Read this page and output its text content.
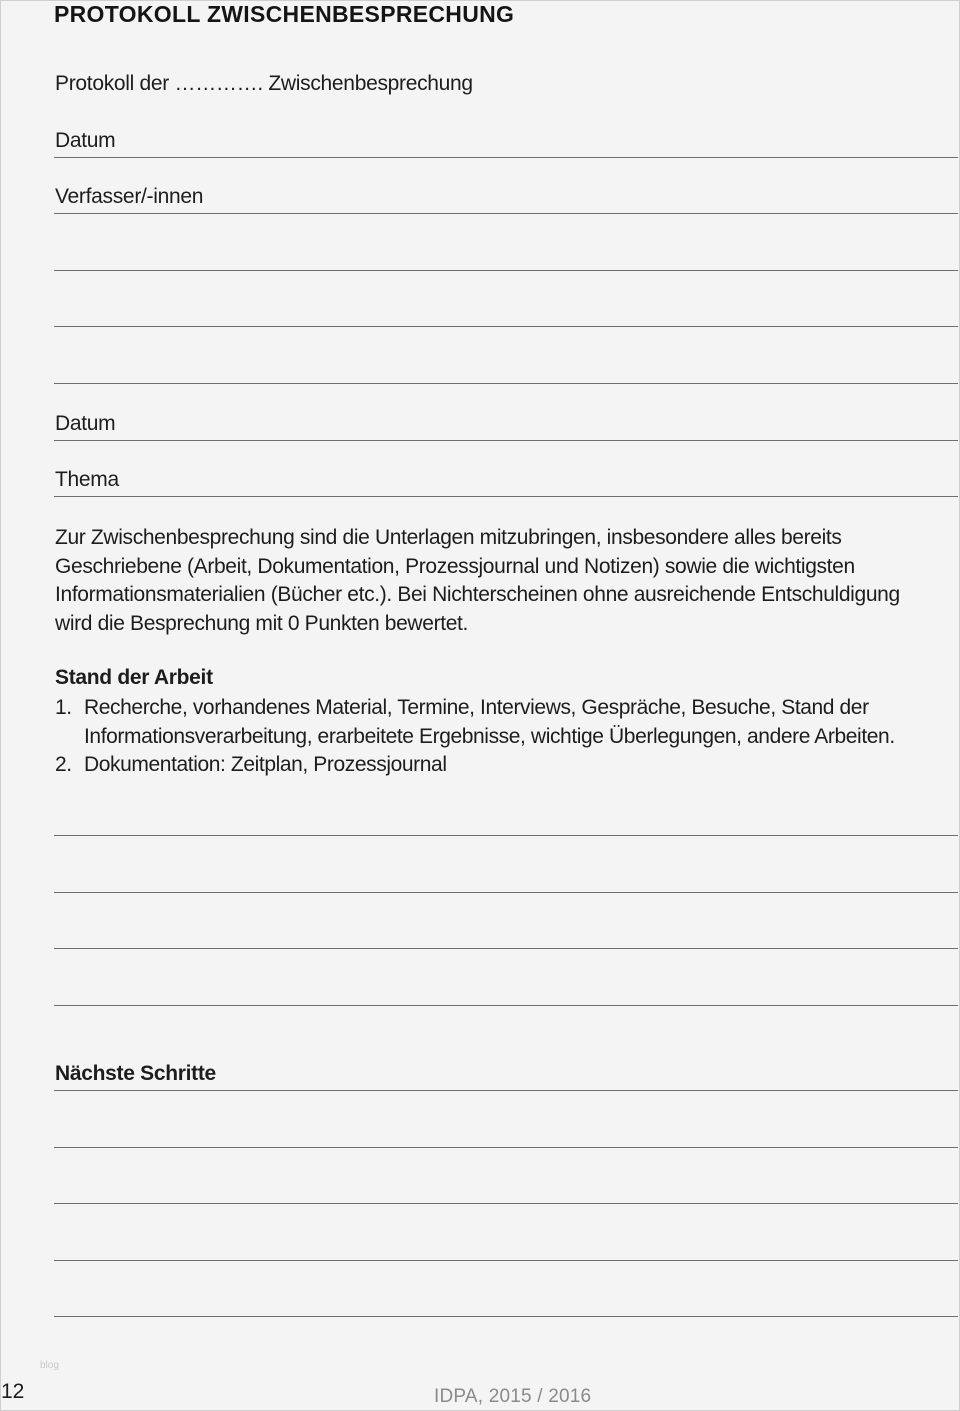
PROTOKOLL ZWISCHENBESPRECHUNG
Protokoll der …………. Zwischenbesprechung
Datum
Verfasser/-innen
Datum
Thema
Zur Zwischenbesprechung sind die Unterlagen mitzubringen, insbesondere alles bereits
Geschriebene (Arbeit, Dokumentation, Prozessjournal und Notizen) sowie die wichtigsten
Informationsmaterialien (Bücher etc.). Bei Nichterscheinen ohne ausreichende Entschuldigung
wird die Besprechung mit 0 Punkten bewertet.
Stand der Arbeit
1. Recherche, vorhandenes Material, Termine, Interviews, Gespräche, Besuche, Stand der
Informationsverarbeitung, erarbeitete Ergebnisse, wichtige Überlegungen, andere Arbeiten.
2. Dokumentation: Zeitplan, Prozessjournal
Nächste Schritte
blog
12	IDPA, 2015 / 2016
